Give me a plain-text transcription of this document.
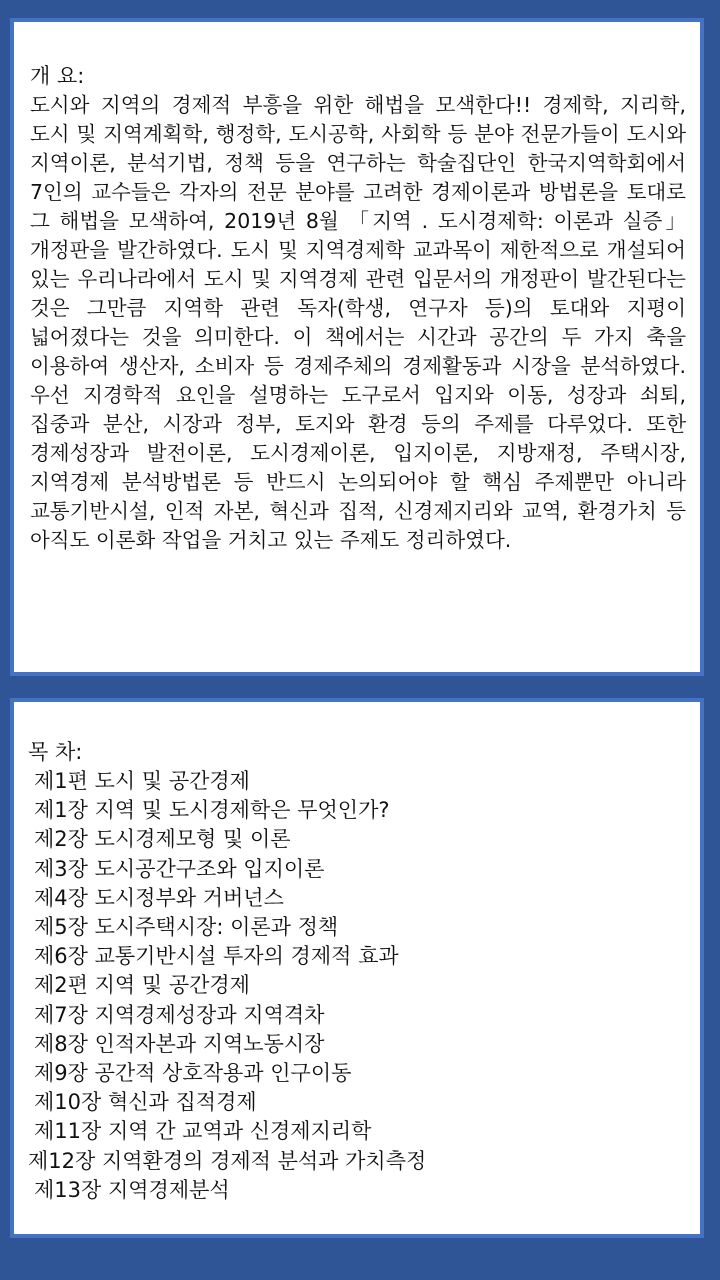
개 요:

도시와 지역의 경제적 부흥을 위한 해법을 모색한다!! 경제학, 지리학, 도시 및 지역계획학, 행정학, 도시공학, 사회학 등 분야 전문가들이 도시와 지역이론, 분석기법, 정책 등을 연구하는 학술집단인 한국지역학회에서 7인의 교수들은 각자의 전문 분야를 고려한 경제이론과 방법론을 토대로 그 해법을 모색하여, 2019년 8월 「지역 . 도시경제학: 이론과 실증」 개정판을 발간하였다. 도시 및 지역경제학 교과목이 제한적으로 개설되어 있는 우리나라에서 도시 및 지역경제 관련 입문서의 개정판이 발간된다는 것은 그만큼 지역학 관련 독자(학생, 연구자 등)의 토대와 지평이 넓어졌다는 것을 의미한다. 이 책에서는 시간과 공간의 두 가지 축을 이용하여 생산자, 소비자 등 경제주체의 경제활동과 시장을 분석하였다. 우선 지경학적 요인을 설명하는 도구로서 입지와 이동, 성장과 쇠퇴, 집중과 분산, 시장과 정부, 토지와 환경 등의 주제를 다루었다. 또한 경제성장과 발전이론, 도시경제이론, 입지이론, 지방재정, 주택시장, 지역경제 분석방법론 등 반드시 논의되어야 할 핵심 주제뿐만 아니라 교통기반시설, 인적 자본, 혁신과 집적, 신경제지리와 교역, 환경가치 등 아직도 이론화 작업을 거치고 있는 주제도 정리하였다.

목 차:
제1편 도시 및 공간경제
제1장 지역 및 도시경제학은 무엇인가?
제2장 도시경제모형 및 이론
제3장 도시공간구조와 입지이론
제4장 도시정부와 거버넌스
제5장 도시주택시장: 이론과 정책
제6장 교통기반시설 투자의 경제적 효과
제2편 지역 및 공간경제
제7장 지역경제성장과 지역격차
제8장 인적자본과 지역노동시장
제9장 공간적 상호작용과 인구이동
제10장 혁신과 집적경제
제11장 지역 간 교역과 신경제지리학
제12장 지역환경의 경제적 분석과 가치측정
제13장 지역경제분석
